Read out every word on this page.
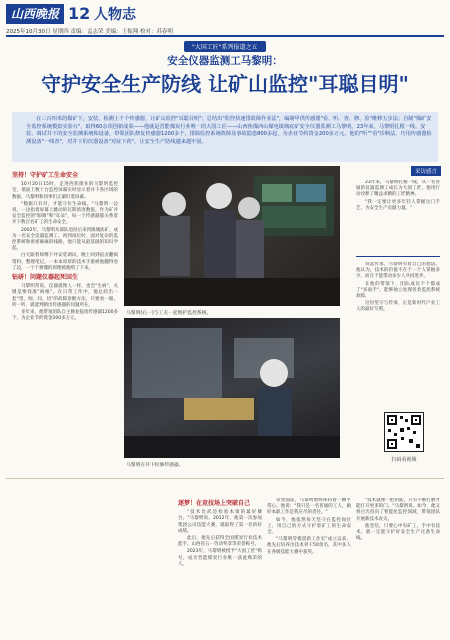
山西晚报 12 人物志
2025年10月30日 星期四 责编：孟志荣 美编：王振翔 校对：苏春明
"大国工匠"系列报道之五
安全仪器监测工马黎明：
守护安全生产防线 让矿山监控"耳聪目明"

在三百四米的煤矿下，安装、检测上千个传感器，让矿山监控"耳聪目明"；总结出"监控快速排故障作业法"，编制甲供传感器"看、听、查、修、验"维修五步法；自制"煤矿安全监控系统模拟实验台"，取得60余项创新成果——他就是晋能煤炭行业唯一的大国工匠——山西焦煤西山煤电镇城底矿安全仪器监测工马黎明。23年来，马黎明扎根一线，安装、调试井下的安全监测系统和设备，带领团队修复传感器1200多个，排除监控系统故障及事故隐患800多起，为企业节约资金200多万元。他的"听""看"诊断法、巧用传感器检测设备"一线查"，对井下的仪器设备"对症下药"，让安全生产防线越来越牢固。

坚持！守护矿工生命安全

10月20日15时，走进西焦煤业的马黎明监控室，墙面上数十台监控屏幕实时显示着井下各区域的数据，马黎明和同事们正紧盯着屏幕。

"数据只有对，才能守住生命线。"马黎明一边说，一边指着屏幕上跳动的瓦斯浓度数值。作为矿井安全监控的"眼睛"和"耳朵"，每一个传感器都关系着井下数百名矿工的生命安全。

2002年，马黎明从部队退役后来到镇城底矿，成为一名安全仪器监测工。初到岗位时，面对复杂的监控系统和密密麻麻的线路，他只能从最基础的知识学起。

白天跟着师傅下井安装调试，晚上回到宿舍翻阅资料、整理笔记。一本本厚厚的技术手册被他翻得卷了边，一个个难懂的原理被他啃了下来。

钻研！问题仪器起死回生

马黎明常说，仪器就像人一样，也会"生病"，关键是要找准"病根"。在日常工作中，他总结出一套"望、闻、问、切"的故障诊断方法，只要看一眼、听一听，就能判断出传感器的问题所在。

多年来，他带领团队自主修复报废传感器1200多个，为企业节约资金200多万元。

马黎明(右一)与工友一起维护监控系统。
马黎明在井下检修传感器。
逐梦！在竞技场上突破自己

"技术比武是检验本领的最好舞台。"马黎明说。2012年，他第一次参加集团公司技能大赛，就取得了第一名的好成绩。

此后，他先后获得全国煤炭行业技术能手、山西省五一劳动奖章等荣誉称号。

2023年，马黎明被授予"大国工匠"称号，成为晋能煤炭行业唯一获此殊荣的人。

荣誉面前，马黎明始终保持着一颗平常心。他说："我只是一名普通的工人，做好本职工作是我应尽的责任。"

如今，他依然每天坚守在监控岗位上，用自己的方式守护着矿工的生命安全。

"马黎明劳模创新工作室"成立以来，他先后培养出技术骨干50余名，其中多人在各级技能大赛中获奖。

采访感言

23年来，马黎明扎根一线，从一名普通的仪器监测工成长为大国工匠，他用行动诠释了精益求精的工匠精神。

"我一定要让更多年轻人掌握这门手艺，为安全生产贡献力量。"

说起传承，马黎明有着自己的想法。他认为，技术的价值不在于一个人掌握多少，而在于能带动多少人共同进步。

在他的带领下，团队成员个个都成了"多面手"，能够独立处理各类监控系统故障。

这份坚守与传承，正是新时代产业工人的最好写照。

扫码看视频

"技术就像一把钥匙，只有不断打磨才能打开更多的门。"马黎明说。如今，他又将目光投向了智能化监控领域，带领团队开展新技术攻关。

他坚信，只要心中有矿工，手中有技术，就一定能守护好安全生产这条生命线。
